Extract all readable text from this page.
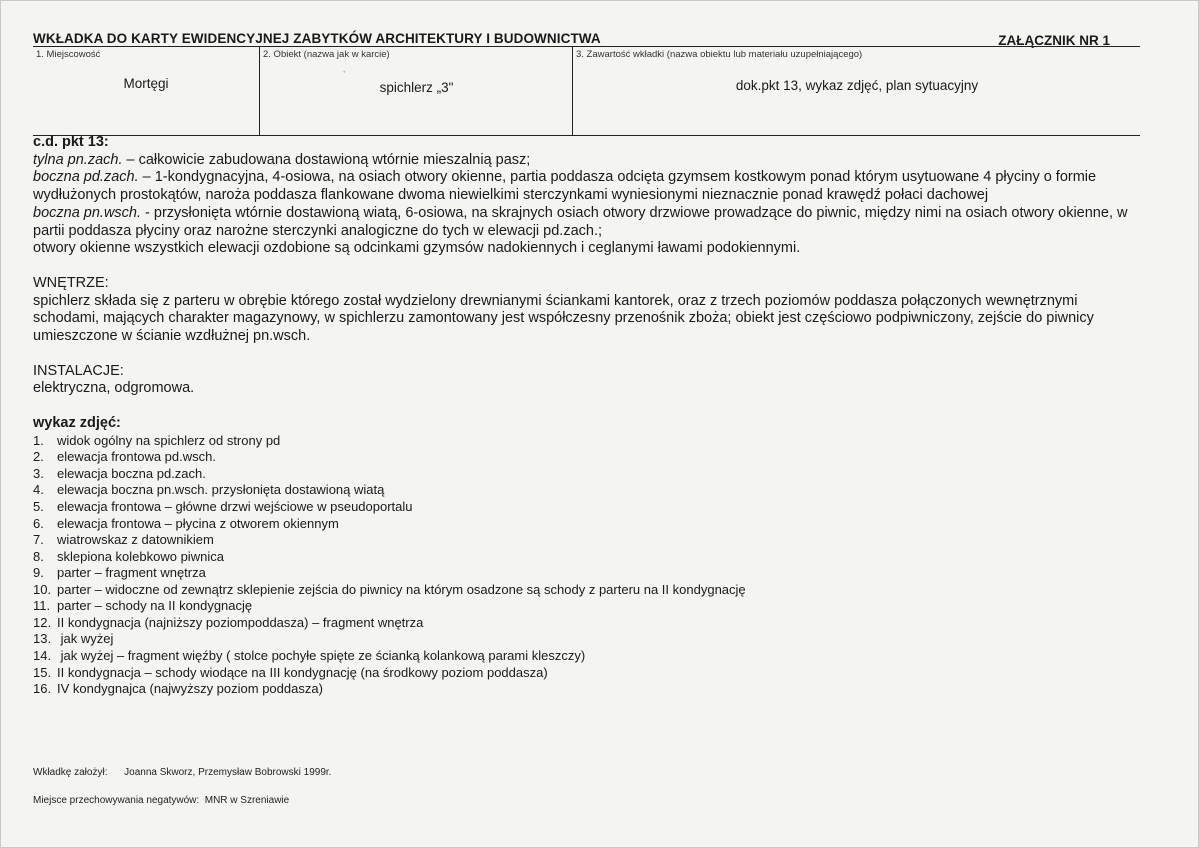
WKŁADKA DO KARTY EWIDENCYJNEJ ZABYTKÓW ARCHITEKTURY I BUDOWNICTWA	ZAŁĄCZNIK NR 1
1. Miejscowość
Mortęgi
2. Obiekt (nazwa jak w karcie)
˯
spichlerz „3"
3. Zawartość wkładki (nazwa obiektu lub materiału uzupełniającego)
dok.pkt 13, wykaz zdjęć, plan sytuacyjny

c.d. pkt 13:

tylna pn.zach. – całkowicie zabudowana dostawioną wtórnie mieszalnią pasz;

boczna pd.zach. – 1-kondygnacyjna, 4-osiowa, na osiach otwory okienne, partia poddasza odcięta gzymsem kostkowym ponad którym usytuowane 4 płyciny o formie wydłużonych prostokątów, naroża poddasza flankowane dwoma niewielkimi sterczynkami wyniesionymi nieznacznie ponad krawędź połaci dachowej

boczna pn.wsch. - przysłonięta wtórnie dostawioną wiatą, 6-osiowa, na skrajnych osiach otwory drzwiowe prowadzące do piwnic, między nimi na osiach otwory okienne, w partii poddasza płyciny oraz narożne sterczynki analogiczne do tych w elewacji pd.zach.;

otwory okienne wszystkich elewacji ozdobione są odcinkami gzymsów nadokiennych i ceglanymi ławami podokiennymi.

WNĘTRZE:

spichlerz składa się z parteru w obrębie którego został wydzielony drewnianymi ściankami kantorek, oraz z trzech poziomów poddasza połączonych wewnętrznymi schodami, mających charakter magazynowy, w spichlerzu zamontowany jest współczesny przenośnik zboża; obiekt jest częściowo podpiwniczony, zejście do piwnicy umieszczone w ścianie wzdłużnej pn.wsch.

INSTALACJE:

elektryczna, odgromowa.

wykaz zdjęć:

1. widok ogólny na spichlerz od strony pd
2. elewacja frontowa pd.wsch.
3. elewacja boczna pd.zach.
4. elewacja boczna pn.wsch. przysłonięta dostawioną wiatą
5. elewacja frontowa – główne drzwi wejściowe w pseudoportalu
6. elewacja frontowa – płycina z otworem okiennym
7. wiatrowskaz z datownikiem
8. sklepiona kolebkowo piwnica
9. parter – fragment wnętrza
10. parter – widoczne od zewnątrz sklepienie zejścia do piwnicy na którym osadzone są schody z parteru na II kondygnację
11. parter – schody na II kondygnację
12. II kondygnacja (najniższy poziompoddasza) – fragment wnętrza
13. jak wyżej
14. jak wyżej – fragment więźby ( stolce pochyłe spięte ze ścianką kolankową parami kleszczy)
15. II kondygnacja – schody wiodące na III kondygnację (na środkowy poziom poddasza)
16. IV kondygnajca (najwyższy poziom poddasza)
Wkładkę założył: Joanna Skworz, Przemysław Bobrowski 1999r.
Miejsce przechowywania negatywów: MNR w Szreniawie
